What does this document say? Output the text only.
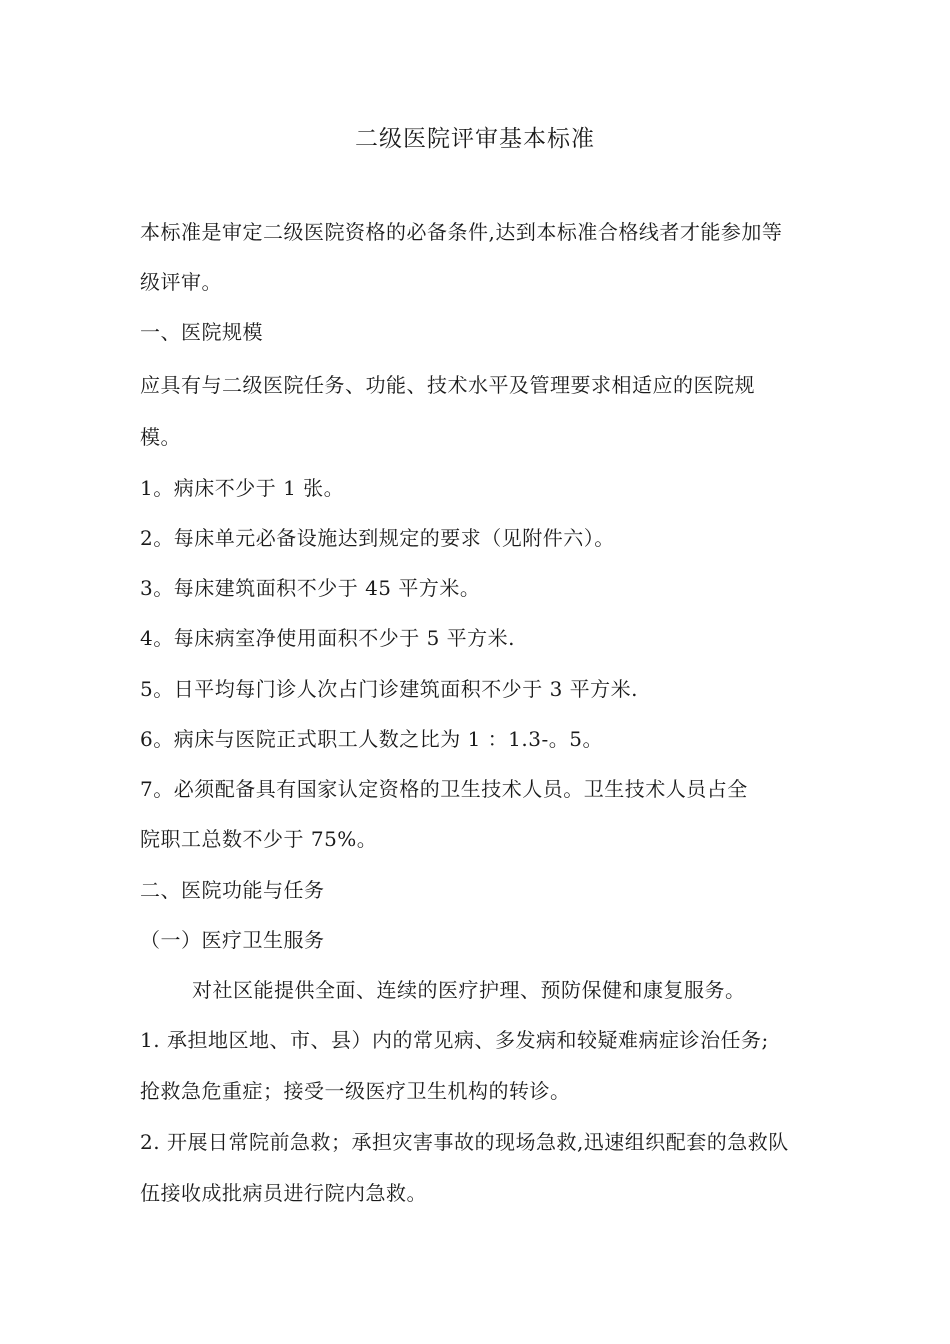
二级医院评审基本标准
本标准是审定二级医院资格的必备条件,达到本标准合格线者才能参加等
级评审。
一、医院规模
应具有与二级医院任务、功能、技术水平及管理要求相适应的医院规
模。
1。病床不少于 1 张。
2。每床单元必备设施达到规定的要求（见附件六）。
3。每床建筑面积不少于 45 平方米。
4。每床病室净使用面积不少于 5 平方米.
5。日平均每门诊人次占门诊建筑面积不少于 3 平方米.
6。病床与医院正式职工人数之比为 1 ：1.3-。5。
7。必须配备具有国家认定资格的卫生技术人员。卫生技术人员占全
院职工总数不少于 75%。
二、医院功能与任务
（一）医疗卫生服务
对社区能提供全面、连续的医疗护理、预防保健和康复服务。
1. 承担地区地、市、县）内的常见病、多发病和较疑难病症诊治任务;
抢救急危重症；接受一级医疗卫生机构的转诊。
2. 开展日常院前急救；承担灾害事故的现场急救,迅速组织配套的急救队
伍接收成批病员进行院内急救。
